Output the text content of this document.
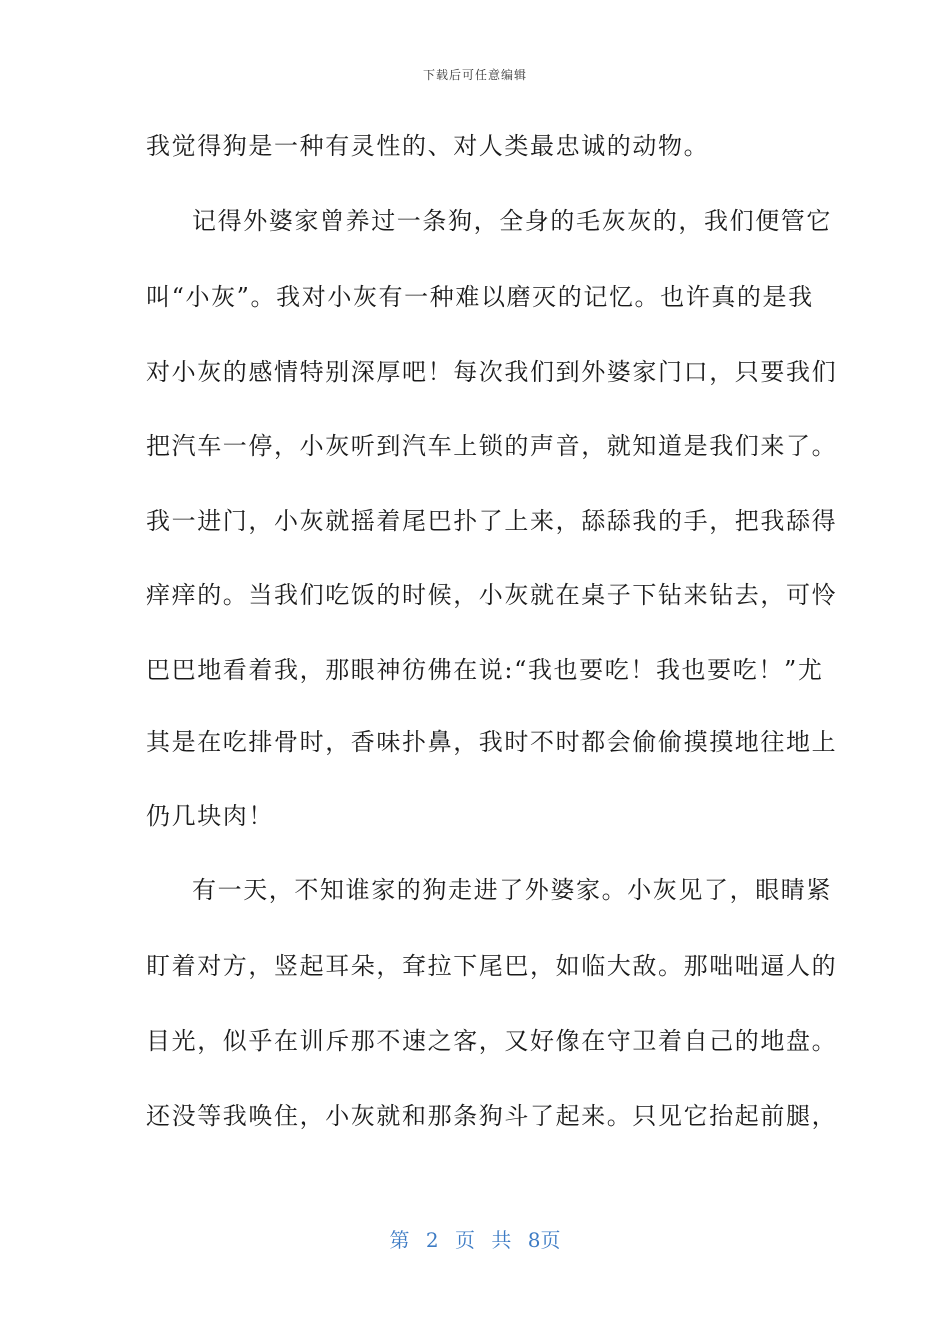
下载后可任意编辑
我觉得狗是一种有灵性的、对人类最忠诚的动物。
记得外婆家曾养过一条狗，全身的毛灰灰的，我们便管它
叫“小灰”。我对小灰有一种难以磨灭的记忆。也许真的是我
对小灰的感情特别深厚吧！每次我们到外婆家门口，只要我们
把汽车一停，小灰听到汽车上锁的声音，就知道是我们来了。
我一进门，小灰就摇着尾巴扑了上来，舔舔我的手，把我舔得
痒痒的。当我们吃饭的时候，小灰就在桌子下钻来钻去，可怜
巴巴地看着我，那眼神彷佛在说:“我也要吃！我也要吃！”尤
其是在吃排骨时，香味扑鼻，我时不时都会偷偷摸摸地往地上
仍几块肉！
有一天，不知谁家的狗走进了外婆家。小灰见了，眼睛紧
盯着对方，竖起耳朵，耷拉下尾巴，如临大敌。那咄咄逼人的
目光，似乎在训斥那不速之客，又好像在守卫着自己的地盘。
还没等我唤住，小灰就和那条狗斗了起来。只见它抬起前腿，
第 2 页 共 8页
